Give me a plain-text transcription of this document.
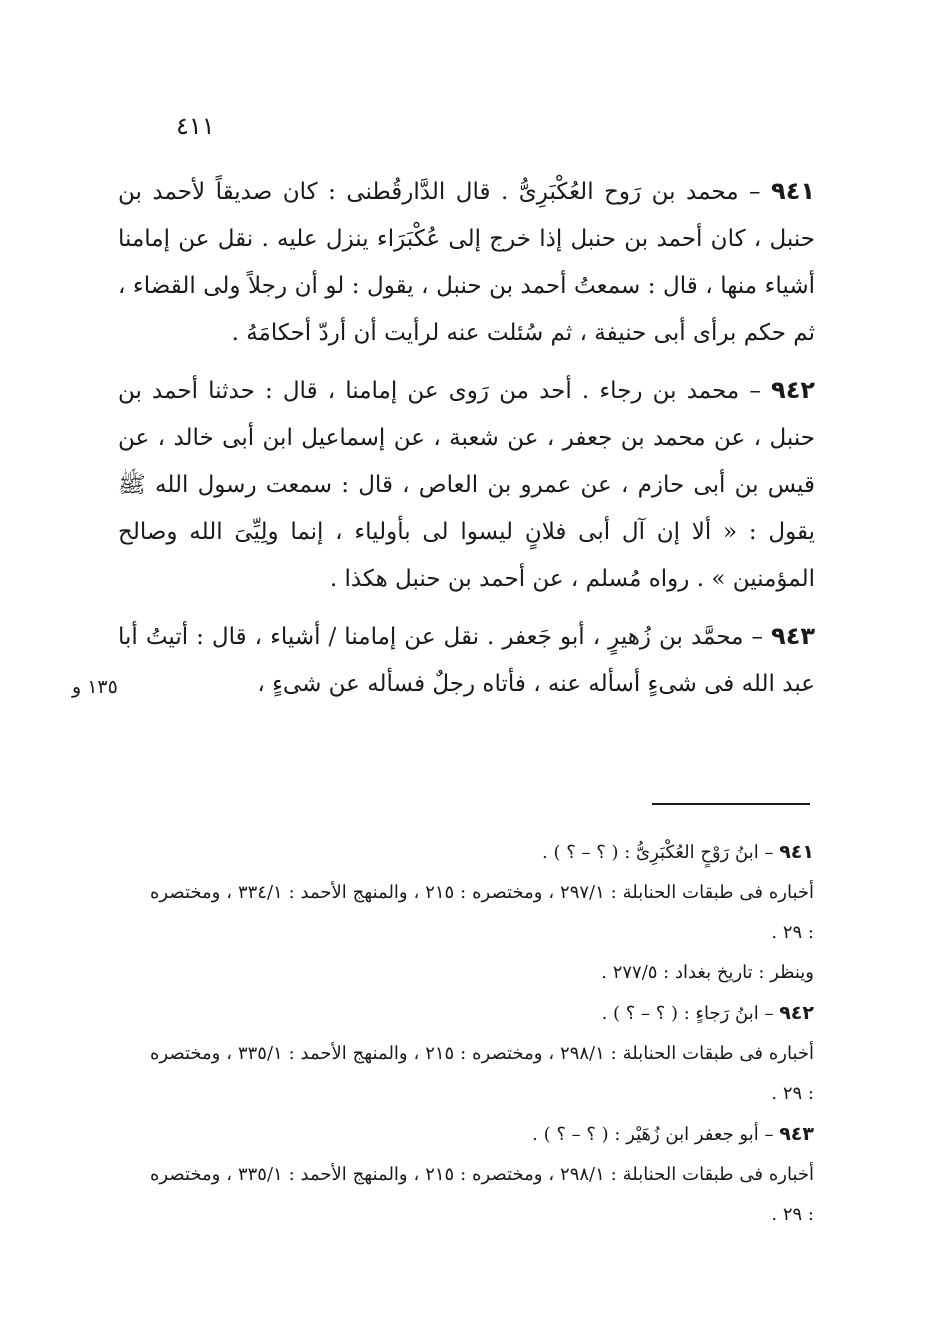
٤١١

٩٤١ – محمد بن رَوح العُكْبَرِىُّ . قال الدَّارقُطنى : كان صديقاً لأحمد بن حنبل ، كان أحمد بن حنبل إذا خرج إلى عُكْبَرَاء ينزل عليه . نقل عن إمامنا أشياء منها ، قال : سمعتُ أحمد بن حنبل ، يقول : لو أن رجلاً ولى القضاء ، ثم حكم برأى أبى حنيفة ، ثم سُئلت عنه لرأيت أن أردّ أحكامَهُ .

٩٤٢ – محمد بن رجاء . أحد من رَوى عن إمامنا ، قال : حدثنا أحمد بن حنبل ، عن محمد بن جعفر ، عن شعبة ، عن إسماعيل ابن أبى خالد ، عن قيس بن أبى حازم ، عن عمرو بن العاص ، قال : سمعت رسول الله ﷺ يقول : « ألا إن آل أبى فلانٍ ليسوا لى بأولياء ، إنما ولِيِّىَ الله وصالح المؤمنين » . رواه مُسلم ، عن أحمد بن حنبل هكذا .

٩٤٣ – محمَّد بن زُهيرٍ ، أبو جَعفر . نقل عن إمامنا / أشياء ، قال : أتيتُ أبا عبد الله فى شىءٍ أسأله عنه ، فأتاه رجلٌ فسأله عن شىءٍ ،

١٣٥ و
٩٤١ – ابنُ رَوْحٍ العُكْبَرِىُّ : ( ؟ – ؟ ) .
أخباره فى طبقات الحنابلة : ٢٩٧/١ ، ومختصره : ٢١٥ ، والمنهج الأحمد : ٣٣٤/١ ، ومختصره : ٢٩ .
وينظر : تاريخ بغداد : ٢٧٧/٥ .
٩٤٢ – ابنُ رَجاءٍ : ( ؟ – ؟ ) .
أخباره فى طبقات الحنابلة : ٢٩٨/١ ، ومختصره : ٢١٥ ، والمنهج الأحمد : ٣٣٥/١ ، ومختصره : ٢٩ .
٩٤٣ – أبو جعفر ابن زُهَيْر : ( ؟ – ؟ ) .
أخباره فى طبقات الحنابلة : ٢٩٨/١ ، ومختصره : ٢١٥ ، والمنهج الأحمد : ٣٣٥/١ ، ومختصره : ٢٩ .
